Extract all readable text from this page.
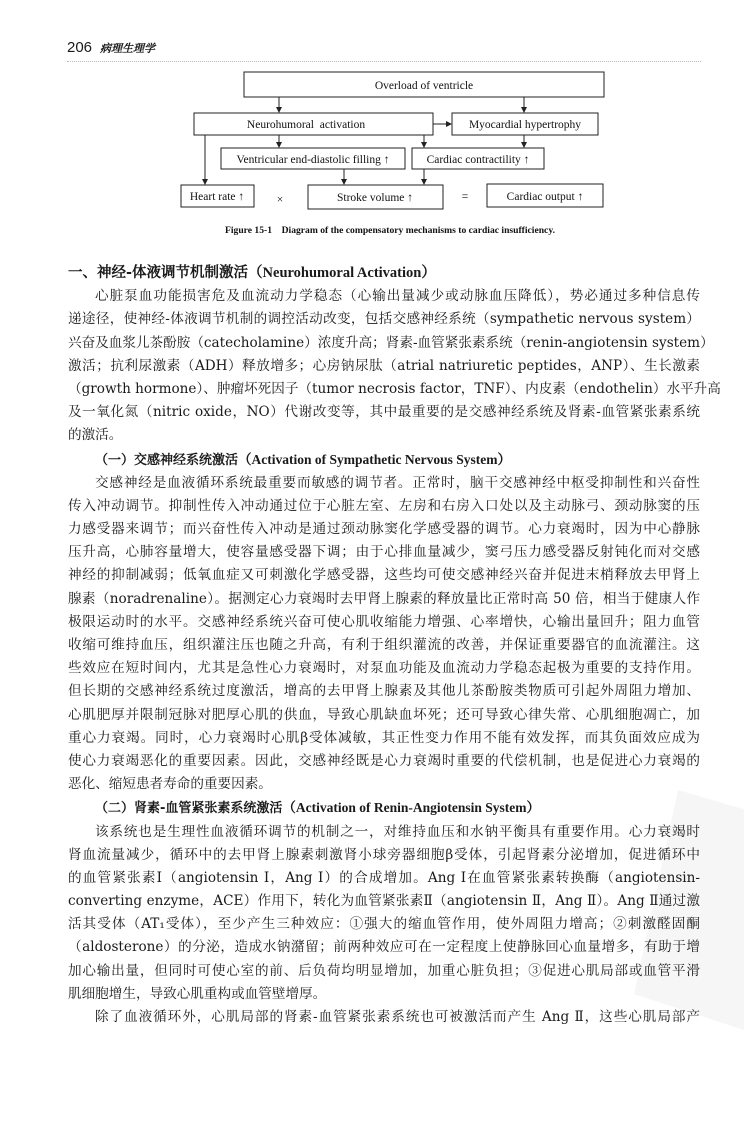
206 病理生理学
Overload of ventricle
Neurohumoral  activation	Myocardial hypertrophy
Ventricular end-diastolic filling ↑	Cardiac contractility ↑
Heart rate ↑	×	Stroke volume ↑	=	Cardiac output ↑
Figure 15-1    Diagram of the compensatory mechanisms to cardiac insufficiency.
一、神经-体液调节机制激活（Neurohumoral Activation）
心脏泵血功能损害危及血流动力学稳态（心输出量减少或动脉血压降低），势必通过多种信息传
递途径，使神经-体液调节机制的调控活动改变，包括交感神经系统（sympathetic nervous system）
兴奋及血浆儿茶酚胺（catecholamine）浓度升高；肾素-血管紧张素系统（renin-angiotensin system）
激活；抗利尿激素（ADH）释放增多；心房钠尿肽（atrial natriuretic peptides，ANP）、生长激素
（growth hormone）、肿瘤坏死因子（tumor necrosis factor，TNF）、内皮素（endothelin）水平升高
及一氧化氮（nitric oxide，NO）代谢改变等，其中最重要的是交感神经系统及肾素-血管紧张素系统
的激活。
（一）交感神经系统激活（Activation of Sympathetic Nervous System）
交感神经是血液循环系统最重要而敏感的调节者。正常时，脑干交感神经中枢受抑制性和兴奋性
传入冲动调节。抑制性传入冲动通过位于心脏左室、左房和右房入口处以及主动脉弓、颈动脉窦的压
力感受器来调节；而兴奋性传入冲动是通过颈动脉窦化学感受器的调节。心力衰竭时，因为中心静脉
压升高，心肺容量增大，使容量感受器下调；由于心排血量减少，窦弓压力感受器反射钝化而对交感
神经的抑制减弱；低氧血症又可刺激化学感受器，这些均可使交感神经兴奋并促进末梢释放去甲肾上
腺素（noradrenaline）。据测定心力衰竭时去甲肾上腺素的释放量比正常时高 50 倍，相当于健康人作
极限运动时的水平。交感神经系统兴奋可使心肌收缩能力增强、心率增快，心输出量回升；阻力血管
收缩可维持血压，组织灌注压也随之升高，有利于组织灌流的改善，并保证重要器官的血流灌注。这
些效应在短时间内，尤其是急性心力衰竭时，对泵血功能及血流动力学稳态起极为重要的支持作用。
但长期的交感神经系统过度激活，增高的去甲肾上腺素及其他儿茶酚胺类物质可引起外周阻力增加、
心肌肥厚并限制冠脉对肥厚心肌的供血，导致心肌缺血坏死；还可导致心律失常、心肌细胞凋亡，加
重心力衰竭。同时，心力衰竭时心肌β受体减敏，其正性变力作用不能有效发挥，而其负面效应成为
使心力衰竭恶化的重要因素。因此，交感神经既是心力衰竭时重要的代偿机制，也是促进心力衰竭的
恶化、缩短患者寿命的重要因素。
（二）肾素-血管紧张素系统激活（Activation of Renin-Angiotensin System）
该系统也是生理性血液循环调节的机制之一，对维持血压和水钠平衡具有重要作用。心力衰竭时
肾血流量减少，循环中的去甲肾上腺素刺激肾小球旁器细胞β受体，引起肾素分泌增加，促进循环中
的血管紧张素Ⅰ（angiotensin Ⅰ，Ang Ⅰ）的合成增加。Ang Ⅰ在血管紧张素转换酶（angiotensin-
converting enzyme，ACE）作用下，转化为血管紧张素Ⅱ（angiotensin Ⅱ，Ang Ⅱ）。Ang Ⅱ通过激
活其受体（AT₁受体），至少产生三种效应：①强大的缩血管作用，使外周阻力增高；②刺激醛固酮
（aldosterone）的分泌，造成水钠潴留；前两种效应可在一定程度上使静脉回心血量增多，有助于增
加心输出量，但同时可使心室的前、后负荷均明显增加，加重心脏负担；③促进心肌局部或血管平滑
肌细胞增生，导致心肌重构或血管壁增厚。
除了血液循环外，心肌局部的肾素-血管紧张素系统也可被激活而产生 Ang Ⅱ，这些心肌局部产
